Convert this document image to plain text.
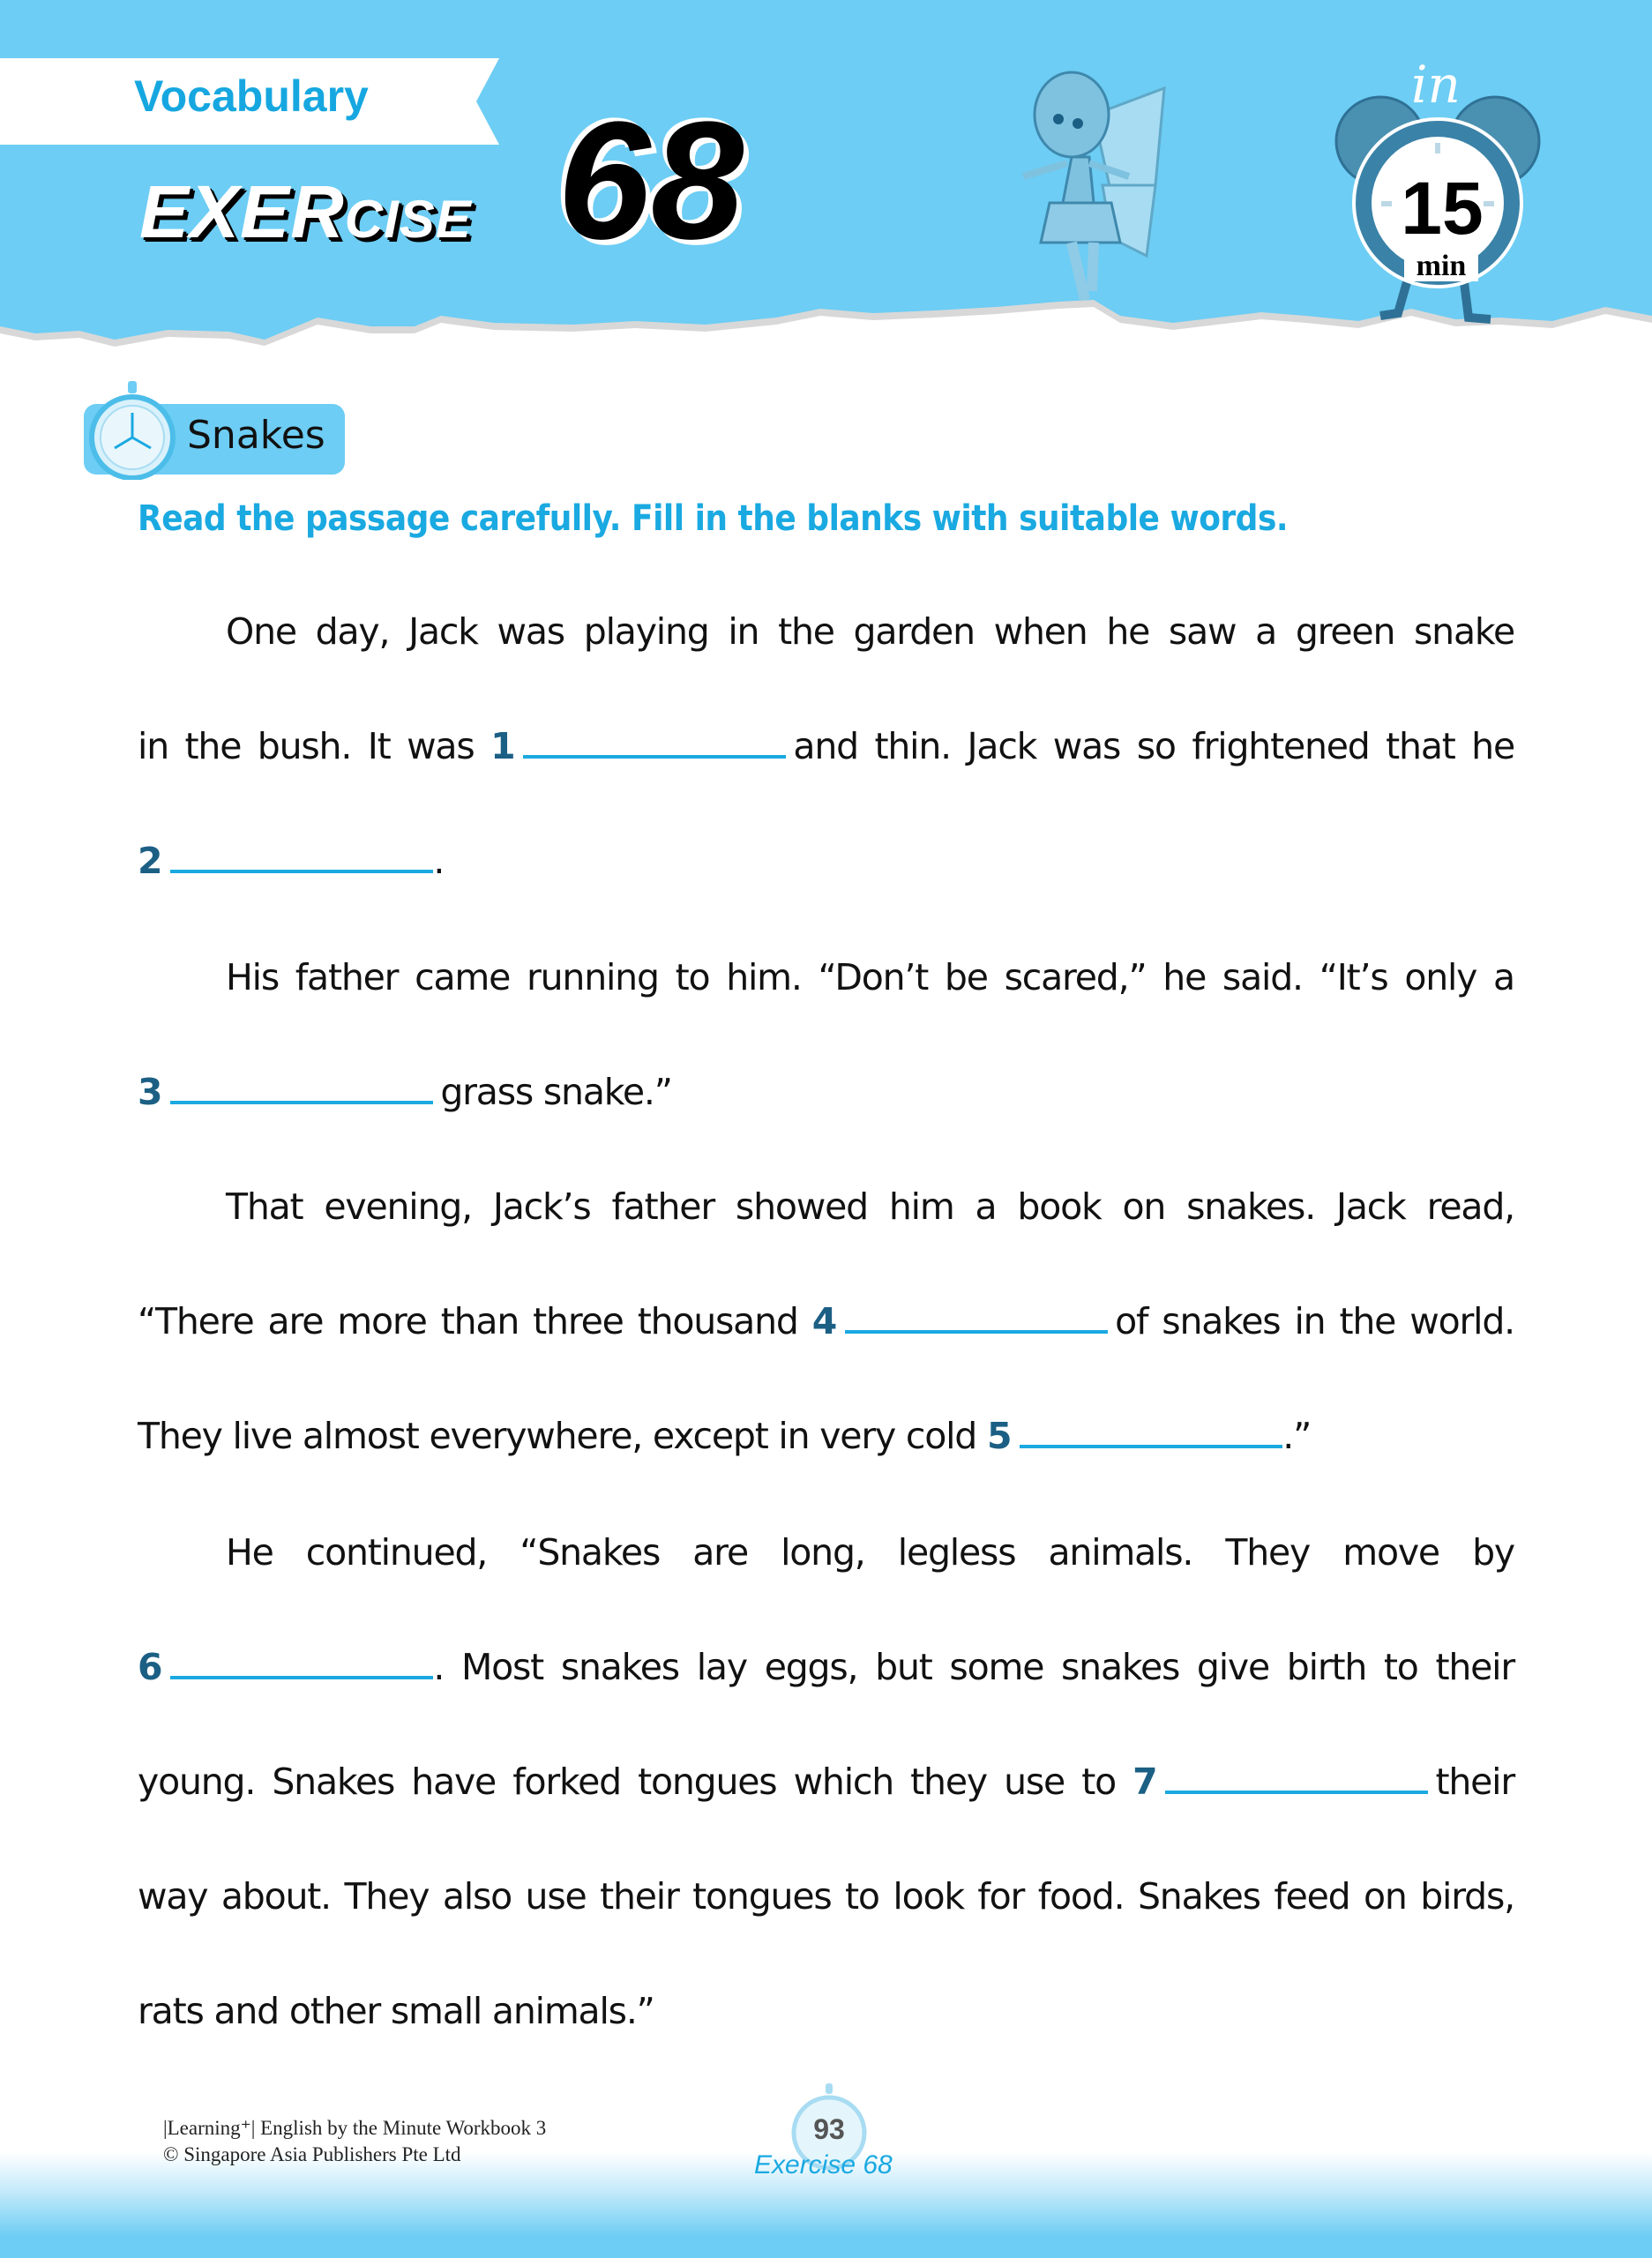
Vocabulary
EXERCISE 68
in
15
min
Snakes
Read the passage carefully. Fill in the blanks with suitable words.
One day, Jack was playing in the garden when he saw a green snake
in the bush. It was 1	and thin. Jack was so frightened that he
2	.
His father came running to him. “Don’t be scared,” he said. “It’s only a
3	grass snake.”
That evening, Jack’s father showed him a book on snakes. Jack read,
“There are more than three thousand 4	of snakes in the world.
They live almost everywhere, except in very cold 5	.”
He continued, “Snakes are long, legless animals. They move by
6	. Most snakes lay eggs, but some snakes give birth to their
young. Snakes have forked tongues which they use to 7	their
way about. They also use their tongues to look for food. Snakes feed on birds,
rats and other small animals.”
|Learning⁺| English by the Minute Workbook 3
© Singapore Asia Publishers Pte Ltd
93
Exercise 68
